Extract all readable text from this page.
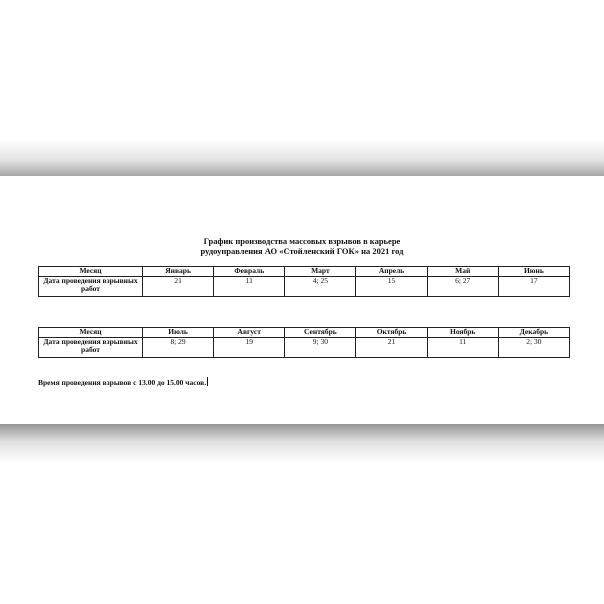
График производства массовых взрывов в карьере
рудоуправления АО «Стойленский ГОК» на 2021 год
Месяц	Январь	Февраль	Март	Апрель	Май	Июнь
Дата проведения взрывных работ	21	11	4; 25	15	6; 27	17
Месяц	Июль	Август	Сентябрь	Октябрь	Ноябрь	Декабрь
Дата проведения взрывных работ	8; 29	19	9; 30	21	11	2; 30
Время проведения взрывов с 13.00 до 15.00 часов.
